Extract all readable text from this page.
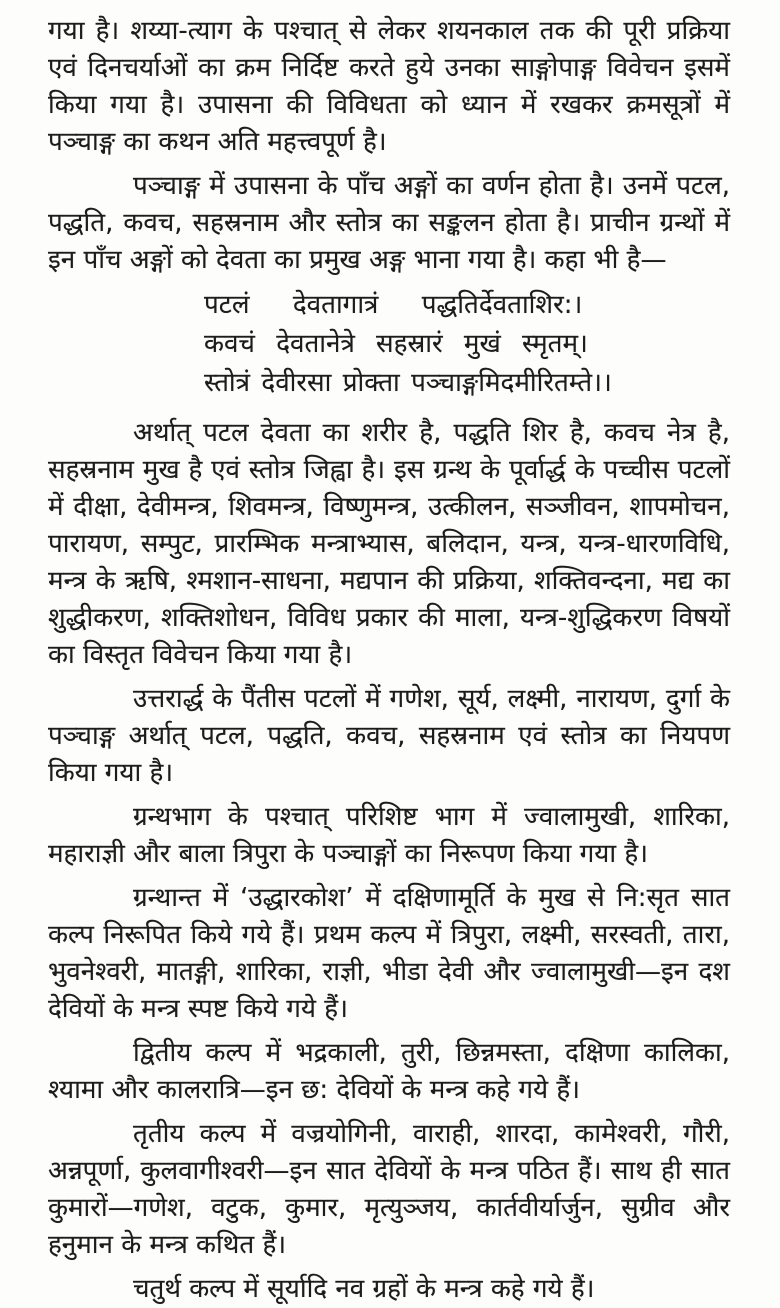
गया है। शय्या-त्याग के पश्चात् से लेकर शयनकाल तक की पूरी प्रक्रिया एवं दिनचर्याओं का क्रम निर्दिष्ट करते हुये उनका साङ्गोपाङ्ग विवेचन इसमें किया गया है। उपासना की विविधता को ध्यान में रखकर क्रमसूत्रों में पञ्चाङ्ग का कथन अति महत्त्वपूर्ण है।

पञ्चाङ्ग में उपासना के पाँच अङ्गों का वर्णन होता है। उनमें पटल, पद्धति, कवच, सहस्रनाम और स्तोत्र का सङ्कलन होता है। प्राचीन ग्रन्थों में इन पाँच अङ्गों को देवता का प्रमुख अङ्ग भाना गया है। कहा भी है—

पटलं देवतागात्रं पद्धतिर्देवताशिर:।
कवचं देवतानेत्रे सहस्रारं मुखं स्मृतम्।
स्तोत्रं देवीरसा प्रोक्ता पञ्चाङ्गमिदमीरितम्ते।।

अर्थात् पटल देवता का शरीर है, पद्धति शिर है, कवच नेत्र है, सहस्रनाम मुख है एवं स्तोत्र जिह्वा है। इस ग्रन्थ के पूर्वार्द्ध के पच्चीस पटलों में दीक्षा, देवीमन्त्र, शिवमन्त्र, विष्णुमन्त्र, उत्कीलन, सञ्जीवन, शापमोचन, पारायण, सम्पुट, प्रारम्भिक मन्त्राभ्यास, बलिदान, यन्त्र, यन्त्र-धारणविधि, मन्त्र के ऋषि, श्मशान-साधना, मद्यपान की प्रक्रिया, शक्तिवन्दना, मद्य का शुद्धीकरण, शक्तिशोधन, विविध प्रकार की माला, यन्त्र-शुद्धिकरण विषयों का विस्तृत विवेचन किया गया है।

उत्तरार्द्ध के पैंतीस पटलों में गणेश, सूर्य, लक्ष्मी, नारायण, दुर्गा के पञ्चाङ्ग अर्थात् पटल, पद्धति, कवच, सहस्रनाम एवं स्तोत्र का नियपण किया गया है।

ग्रन्थभाग के पश्चात् परिशिष्ट भाग में ज्वालामुखी, शारिका, महाराज्ञी और बाला त्रिपुरा के पञ्चाङ्गों का निरूपण किया गया है।

ग्रन्थान्त में ‘उद्धारकोश’ में दक्षिणामूर्ति के मुख से नि:सृत सात कल्प निरूपित किये गये हैं। प्रथम कल्प में त्रिपुरा, लक्ष्मी, सरस्वती, तारा, भुवनेश्वरी, मातङ्गी, शारिका, राज्ञी, भीडा देवी और ज्वालामुखी—इन दश देवियों के मन्त्र स्पष्ट किये गये हैं।

द्वितीय कल्प में भद्रकाली, तुरी, छिन्नमस्ता, दक्षिणा कालिका, श्यामा और कालरात्रि—इन छ: देवियों के मन्त्र कहे गये हैं।

तृतीय कल्प में वज्रयोगिनी, वाराही, शारदा, कामेश्वरी, गौरी, अन्नपूर्णा, कुलवागीश्वरी—इन सात देवियों के मन्त्र पठित हैं। साथ ही सात कुमारों—गणेश, वटुक, कुमार, मृत्युञ्जय, कार्तवीर्यार्जुन, सुग्रीव और हनुमान के मन्त्र कथित हैं।

चतुर्थ कल्प में सूर्यादि नव ग्रहों के मन्त्र कहे गये हैं।
